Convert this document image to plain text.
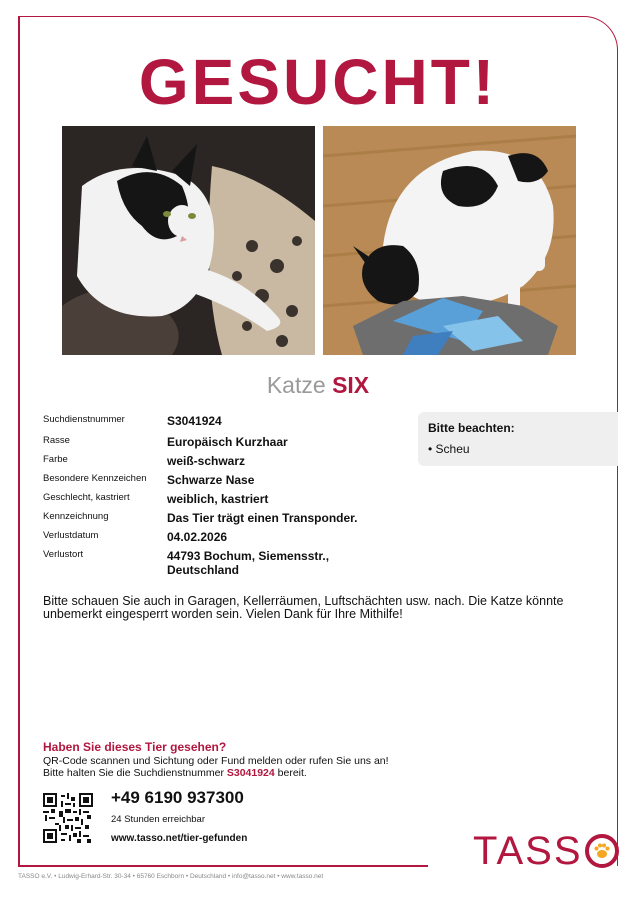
GESUCHT!
Katze SIX
Suchdienstnummer	S3041924
Rasse	Europäisch Kurzhaar
Farbe	weiß-schwarz
Besondere Kennzeichen	Schwarze Nase
Geschlecht, kastriert	weiblich, kastriert
Kennzeichnung	Das Tier trägt einen Transponder.
Verlustdatum	04.02.2026
Verlustort	44793 Bochum, Siemensstr.,
Deutschland
Bitte beachten:
• Scheu
Bitte schauen Sie auch in Garagen, Kellerräumen, Luftschächten usw. nach. Die Katze könnte unbemerkt eingesperrt worden sein. Vielen Dank für Ihre Mithilfe!
Haben Sie dieses Tier gesehen?
QR-Code scannen und Sichtung oder Fund melden oder rufen Sie uns an!
Bitte halten Sie die Suchdienstnummer S3041924 bereit.
+49 6190 937300
24 Stunden erreichbar
www.tasso.net/tier-gefunden	TASS
TASSO e.V. • Ludwig-Erhard-Str. 30-34 • 65760 Eschborn • Deutschland • info@tasso.net • www.tasso.net
